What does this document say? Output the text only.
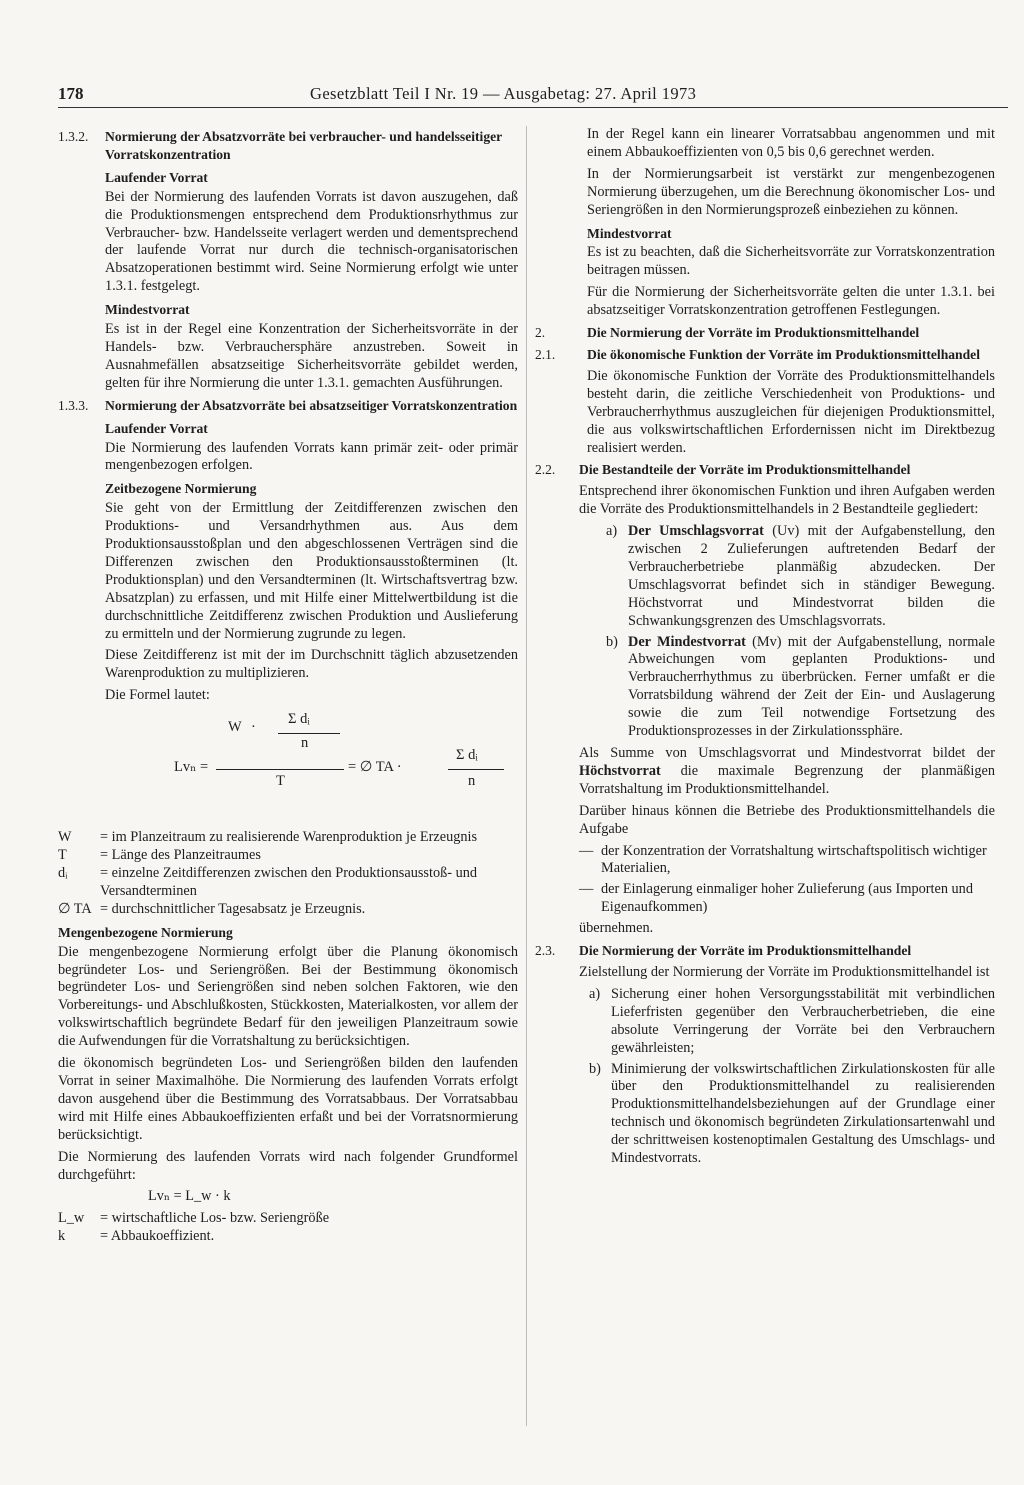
178	Gesetzblatt Teil I Nr. 19 — Ausgabetag: 27. April 1973
1.3.2.	Normierung der Absatzvorräte bei verbraucher- und handelsseitiger Vorratskonzentration
Laufender Vorrat

Bei der Normierung des laufenden Vorrats ist davon auszugehen, daß die Produktionsmengen entsprechend dem Produktionsrhythmus zur Verbraucher- bzw. Handelsseite verlagert werden und dementsprechend der laufende Vorrat nur durch die technisch-organisatorischen Absatzoperationen bestimmt wird. Seine Normierung erfolgt wie unter 1.3.1. festgelegt.

Mindestvorrat

Es ist in der Regel eine Konzentration der Sicherheitsvorräte in der Handels- bzw. Verbrauchersphäre anzustreben. Soweit in Ausnahmefällen absatzseitige Sicherheitsvorräte gebildet werden, gelten für ihre Normierung die unter 1.3.1. gemachten Ausführungen.

1.3.3.	Normierung der Absatzvorräte bei absatzseitiger Vorratskonzentration
Laufender Vorrat

Die Normierung des laufenden Vorrats kann primär zeit- oder primär mengenbezogen erfolgen.

Zeitbezogene Normierung

Sie geht von der Ermittlung der Zeitdifferenzen zwischen den Produktions- und Versandrhythmen aus. Aus dem Produktionsausstoßplan und den abgeschlossenen Verträgen sind die Differenzen zwischen den Produktionsausstoßterminen (lt. Produktionsplan) und den Versandterminen (lt. Wirtschaftsvertrag bzw. Absatzplan) zu erfassen, und mit Hilfe einer Mittelwertbildung ist die durchschnittliche Zeitdifferenz zwischen Produktion und Auslieferung zu ermitteln und der Normierung zugrunde zu legen.

Diese Zeitdifferenz ist mit der im Durchschnitt täglich abzusetzenden Warenproduktion zu multiplizieren.

Die Formel lautet:

W · Σ dᵢ
n
Lvₙ =
T
= ∅ TA ·
Σ dᵢ
n
W	= im Planzeitraum zu realisierende Warenproduktion je Erzeugnis
T	= Länge des Planzeitraumes
dᵢ	= einzelne Zeitdifferenzen zwischen den Produktionsausstoß- und Versandterminen
∅ TA = durchschnittlicher Tagesabsatz je Erzeugnis.
Mengenbezogene Normierung

Die mengenbezogene Normierung erfolgt über die Planung ökonomisch begründeter Los- und Seriengrößen. Bei der Bestimmung ökonomisch begründeter Los- und Seriengrößen sind neben solchen Faktoren, wie den Vorbereitungs- und Abschlußkosten, Stückkosten, Materialkosten, vor allem der volkswirtschaftlich begründete Bedarf für den jeweiligen Planzeitraum sowie die Aufwendungen für die Vorratshaltung zu berücksichtigen.

die ökonomisch begründeten Los- und Seriengrößen bilden den laufenden Vorrat in seiner Maximalhöhe. Die Normierung des laufenden Vorrats erfolgt davon ausgehend über die Bestimmung des Vorratsabbaus. Der Vorratsabbau wird mit Hilfe eines Abbaukoeffizienten erfaßt und bei der Vorratsnormierung berücksichtigt.

Die Normierung des laufenden Vorrats wird nach folgender Grundformel durchgeführt:

Lvₙ = L_w · k
L_w	= wirtschaftliche Los- bzw. Seriengröße
k	= Abbaukoeffizient.

In der Regel kann ein linearer Vorratsabbau angenommen und mit einem Abbaukoeffizienten von 0,5 bis 0,6 gerechnet werden.

In der Normierungsarbeit ist verstärkt zur mengenbezogenen Normierung überzugehen, um die Berechnung ökonomischer Los- und Seriengrößen in den Normierungsprozeß einbeziehen zu können.

Mindestvorrat

Es ist zu beachten, daß die Sicherheitsvorräte zur Vorratskonzentration beitragen müssen.

Für die Normierung der Sicherheitsvorräte gelten die unter 1.3.1. bei absatzseitiger Vorratskonzentration getroffenen Festlegungen.

2.	Die Normierung der Vorräte im Produktionsmittelhandel
2.1.	Die ökonomische Funktion der Vorräte im Produktionsmittelhandel

Die ökonomische Funktion der Vorräte des Produktionsmittelhandels besteht darin, die zeitliche Verschiedenheit von Produktions- und Verbraucherrhythmus auszugleichen für diejenigen Produktionsmittel, die aus volkswirtschaftlichen Erfordernissen nicht im Direktbezug realisiert werden.

2.2.	Die Bestandteile der Vorräte im Produktionsmittelhandel

Entsprechend ihrer ökonomischen Funktion und ihren Aufgaben werden die Vorräte des Produktionsmittelhandels in 2 Bestandteile gegliedert:

a) Der Umschlagsvorrat (Uv) mit der Aufgabenstellung, den zwischen 2 Zulieferungen auftretenden Bedarf der Verbraucherbetriebe planmäßig abzudecken. Der Umschlagsvorrat befindet sich in ständiger Bewegung. Höchstvorrat und Mindestvorrat bilden die Schwankungsgrenzen des Umschlagsvorrats.
b) Der Mindestvorrat (Mv) mit der Aufgabenstellung, normale Abweichungen vom geplanten Produktions- und Verbraucherrhythmus zu überbrücken. Ferner umfaßt er die Vorratsbildung während der Zeit der Ein- und Auslagerung sowie die zum Teil notwendige Fortsetzung des Produktionsprozesses in der Zirkulationssphäre.

Als Summe von Umschlagsvorrat und Mindestvorrat bildet der Höchstvorrat die maximale Begrenzung der planmäßigen Vorratshaltung im Produktionsmittelhandel.

Darüber hinaus können die Betriebe des Produktionsmittelhandels die Aufgabe

— der Konzentration der Vorratshaltung wirtschaftspolitisch wichtiger Materialien,
— der Einlagerung einmaliger hoher Zulieferung (aus Importen und Eigenaufkommen)

übernehmen.

2.3.	Die Normierung der Vorräte im Produktionsmittelhandel

Zielstellung der Normierung der Vorräte im Produktionsmittelhandel ist

a) Sicherung einer hohen Versorgungsstabilität mit verbindlichen Lieferfristen gegenüber den Verbraucherbetrieben, die eine absolute Verringerung der Vorräte bei den Verbrauchern gewährleisten;
b) Minimierung der volkswirtschaftlichen Zirkulationskosten für alle über den Produktionsmittelhandel zu realisierenden Produktionsmittelhandelsbeziehungen auf der Grundlage einer technisch und ökonomisch begründeten Zirkulationsartenwahl und der schrittweisen kostenoptimalen Gestaltung des Umschlags- und Mindestvorrats.
